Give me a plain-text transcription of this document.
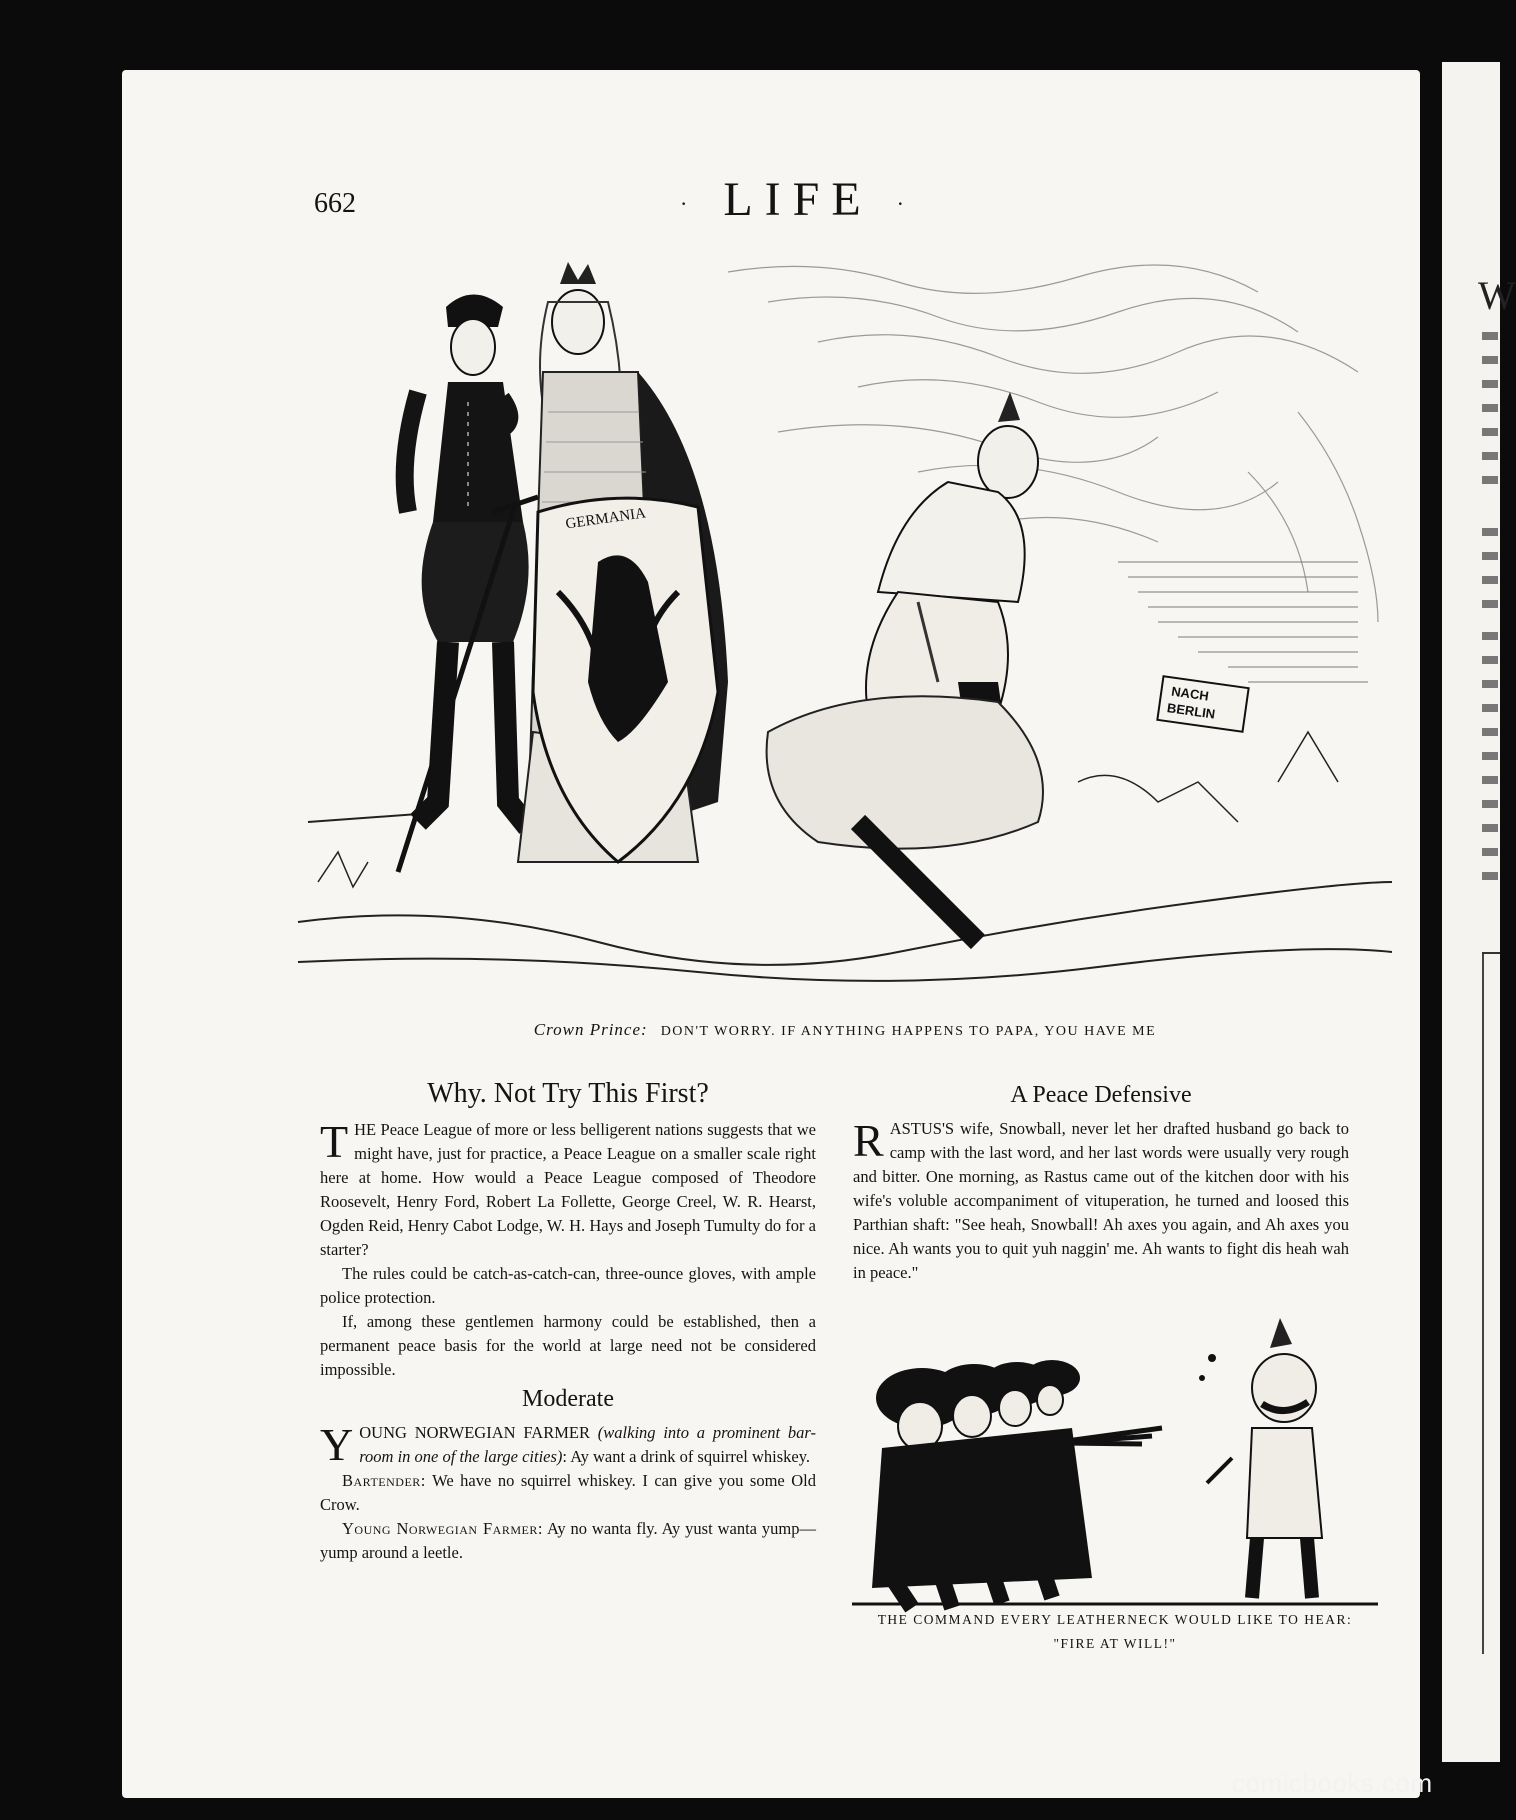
W
662	· LIFE ·
GERMANIA
NACH
BERLIN
Crown Prince: DON'T WORRY. IF ANYTHING HAPPENS TO PAPA, YOU HAVE ME
Why. Not Try This First?

THE Peace League of more or less belligerent nations suggests that we might have, just for practice, a Peace League on a smaller scale right here at home. How would a Peace League composed of Theodore Roosevelt, Henry Ford, Robert La Follette, George Creel, W. R. Hearst, Ogden Reid, Henry Cabot Lodge, W. H. Hays and Joseph Tumulty do for a starter?

The rules could be catch-as-catch-can, three-ounce gloves, with ample police protection.

If, among these gentlemen harmony could be established, then a permanent peace basis for the world at large need not be considered impossible.

Moderate

YOUNG NORWEGIAN FARMER (walking into a prominent bar-room in one of the large cities): Ay want a drink of squirrel whiskey.

Bartender: We have no squirrel whiskey. I can give you some Old Crow.

Young Norwegian Farmer: Ay no wanta fly. Ay yust wanta yump—yump around a leetle.

A Peace Defensive

RASTUS'S wife, Snowball, never let her drafted husband go back to camp with the last word, and her last words were usually very rough and bitter. One morning, as Rastus came out of the kitchen door with his wife's voluble accompaniment of vituperation, he turned and loosed this Parthian shaft: "See heah, Snowball! Ah axes you again, and Ah axes you nice. Ah wants you to quit yuh naggin' me. Ah wants to fight dis heah wah in peace."

THE COMMAND EVERY LEATHERNECK WOULD LIKE TO HEAR:
"FIRE AT WILL!"
comicbooks.com
